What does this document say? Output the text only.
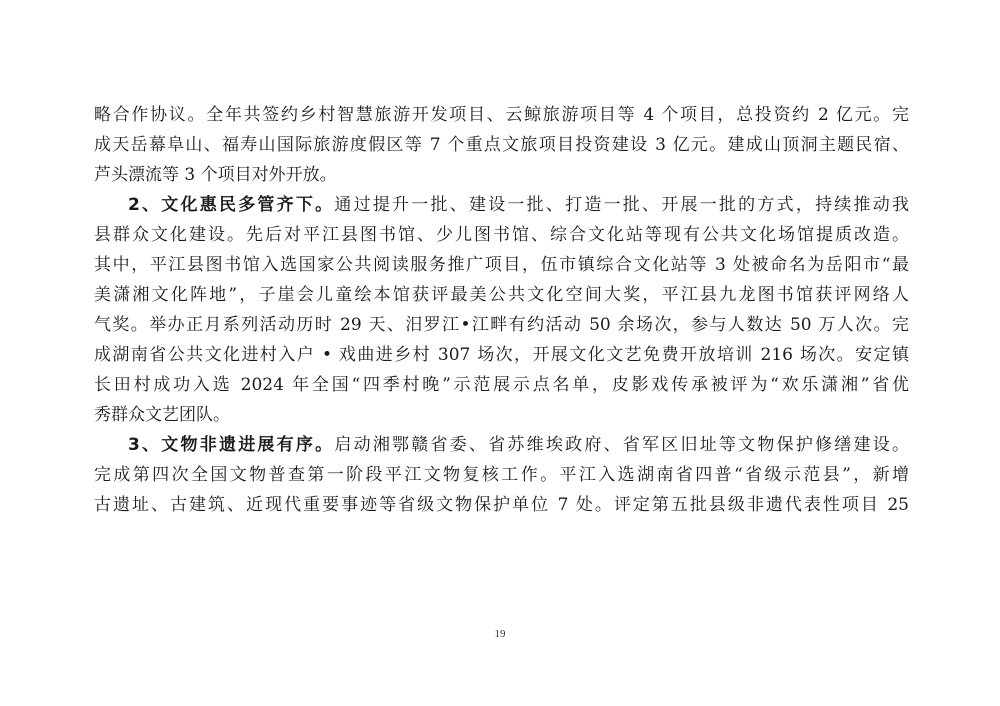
略合作协议。全年共签约乡村智慧旅游开发项目、云鲸旅游项目等 4 个项目，总投资约 2 亿元。完
成天岳幕阜山、福寿山国际旅游度假区等 7 个重点文旅项目投资建设 3 亿元。建成山顶洞主题民宿、
芦头漂流等 3 个项目对外开放。
2、文化惠民多管齐下。通过提升一批、建设一批、打造一批、开展一批的方式，持续推动我
县群众文化建设。先后对平江县图书馆、少儿图书馆、综合文化站等现有公共文化场馆提质改造。
其中，平江县图书馆入选国家公共阅读服务推广项目，伍市镇综合文化站等 3 处被命名为岳阳市“最
美潇湘文化阵地”，子崖会儿童绘本馆获评最美公共文化空间大奖，平江县九龙图书馆获评网络人
气奖。举办正月系列活动历时 29 天、汨罗江•江畔有约活动 50 余场次，参与人数达 50 万人次。完
成湖南省公共文化进村入户 • 戏曲进乡村 307 场次，开展文化文艺免费开放培训 216 场次。安定镇
长田村成功入选 2024 年全国“四季村晚”示范展示点名单，皮影戏传承被评为“欢乐潇湘”省优
秀群众文艺团队。
3、文物非遗进展有序。启动湘鄂赣省委、省苏维埃政府、省军区旧址等文物保护修缮建设。
完成第四次全国文物普查第一阶段平江文物复核工作。平江入选湖南省四普“省级示范县”，新增
古遗址、古建筑、近现代重要事迹等省级文物保护单位 7 处。评定第五批县级非遗代表性项目 25
19
